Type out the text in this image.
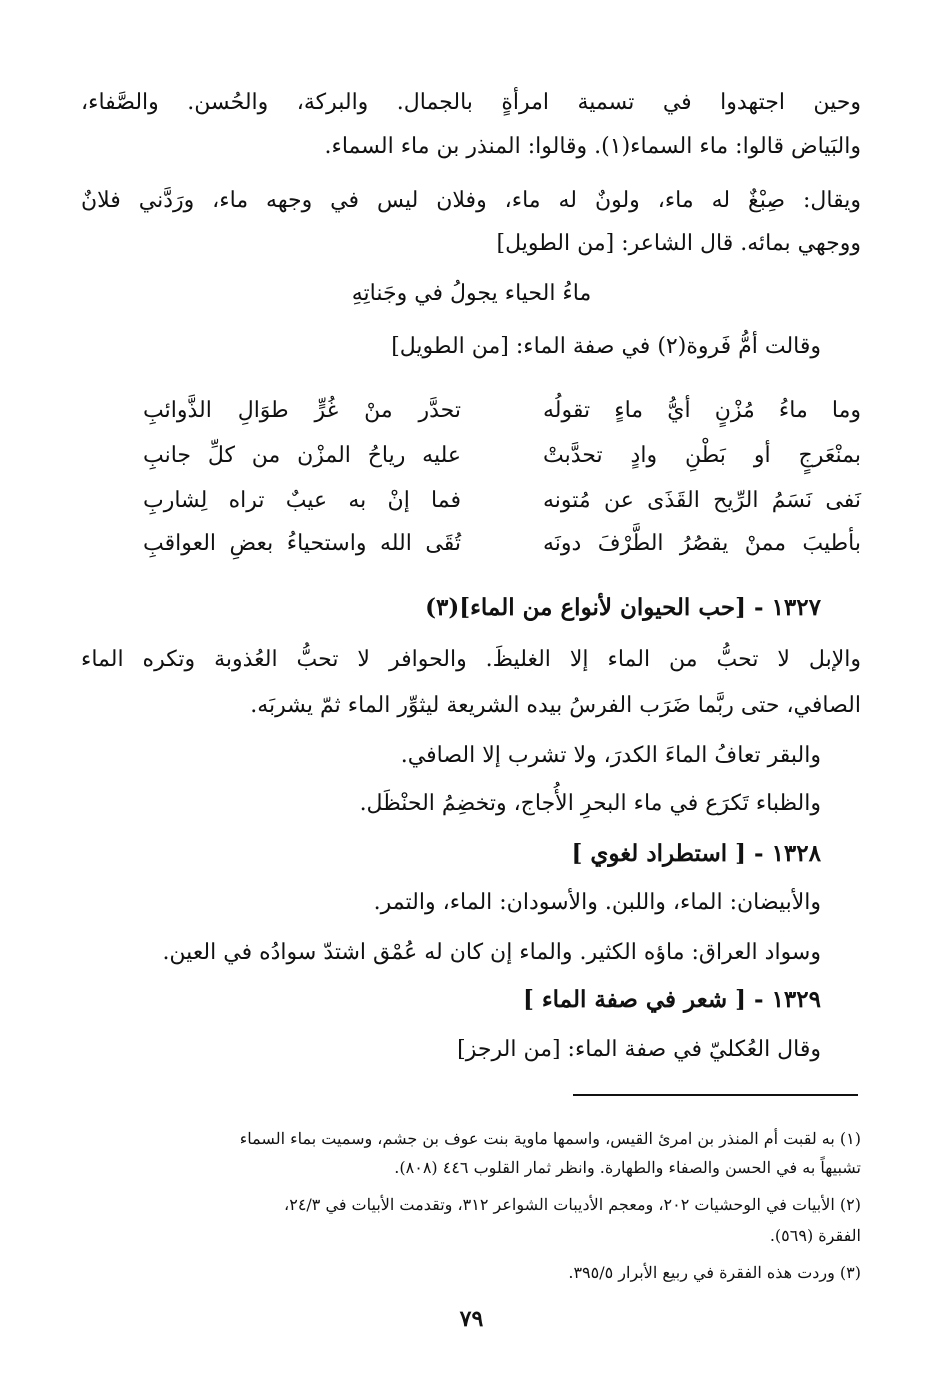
وحين اجتهدوا في تسمية امرأةٍ بالجمال. والبركة، والحُسن. والصَّفاء،
والبَياض قالوا: ماء السماء(١). وقالوا: المنذر بن ماء السماء.
ويقال: صِبْغٌ له ماء، ولونٌ له ماء، وفلان ليس في وجهه ماء، ورَدَّني فلانٌ
ووجهي بمائه. قال الشاعر: [من الطويل]
ماءُ الحياء يجولُ في وجَناتِهِ
وقالت أمُّ فَروة(٢) في صفة الماء: [من الطويل]
وما ماءُ مُزْنٍ أيُّ ماءٍ تقولُه
تحدَّر منْ غُرٍّ طوَالِ الذَّوائبِ
بمنْعَرجٍ أو بَطْنِ وادٍ تحدَّبتْ
عليه رياحُ المزْن من كلِّ جانبِ
نَفى نَسَمُ الرِّيح القَذَى عن مُتونه
فما إنْ به عيبٌ تراه لِشاربِ
بأطيبَ ممنْ يقصُرُ الطَّرْفَ دونَه
تُقَى الله واستحياءُ بعضِ العواقبِ
١٣٢٧ - [حب الحيوان لأنواع من الماء](٣)
والإبل لا تحبُّ من الماء إلا الغليظَ. والحوافر لا تحبُّ العُذوبة وتكره الماء
الصافي، حتى ربَّما ضَرَب الفرسُ بيده الشريعة ليثوِّر الماء ثمّ يشربَه.
والبقر تعافُ الماءَ الكدرَ، ولا تشرب إلا الصافي.
والظباء تَكرَع في ماء البحرِ الأُجاج، وتخضِمُ الحنْظَل.
١٣٢٨ - [ استطراد لغوي ]
والأبيضان: الماء، واللبن. والأسودان: الماء، والتمر.
وسواد العراق: ماؤه الكثير. والماء إن كان له عُمْق اشتدّ سوادُه في العين.
١٣٢٩ - [ شعر في صفة الماء ]
وقال العُكليّ في صفة الماء: [من الرجز]
(١) به لقبت أم المنذر بن امرئ القيس، واسمها ماوية بنت عوف بن جشم، وسميت بماء السماء
تشبيهاً به في الحسن والصفاء والطهارة. وانظر ثمار القلوب ٤٤٦ (٨٠٨).
(٢) الأبيات في الوحشيات ٢٠٢، ومعجم الأديبات الشواعر ٣١٢، وتقدمت الأبيات في ٢٤/٣،
الفقرة (٥٦٩).
(٣) وردت هذه الفقرة في ربيع الأبرار ٣٩٥/٥.
٧٩
